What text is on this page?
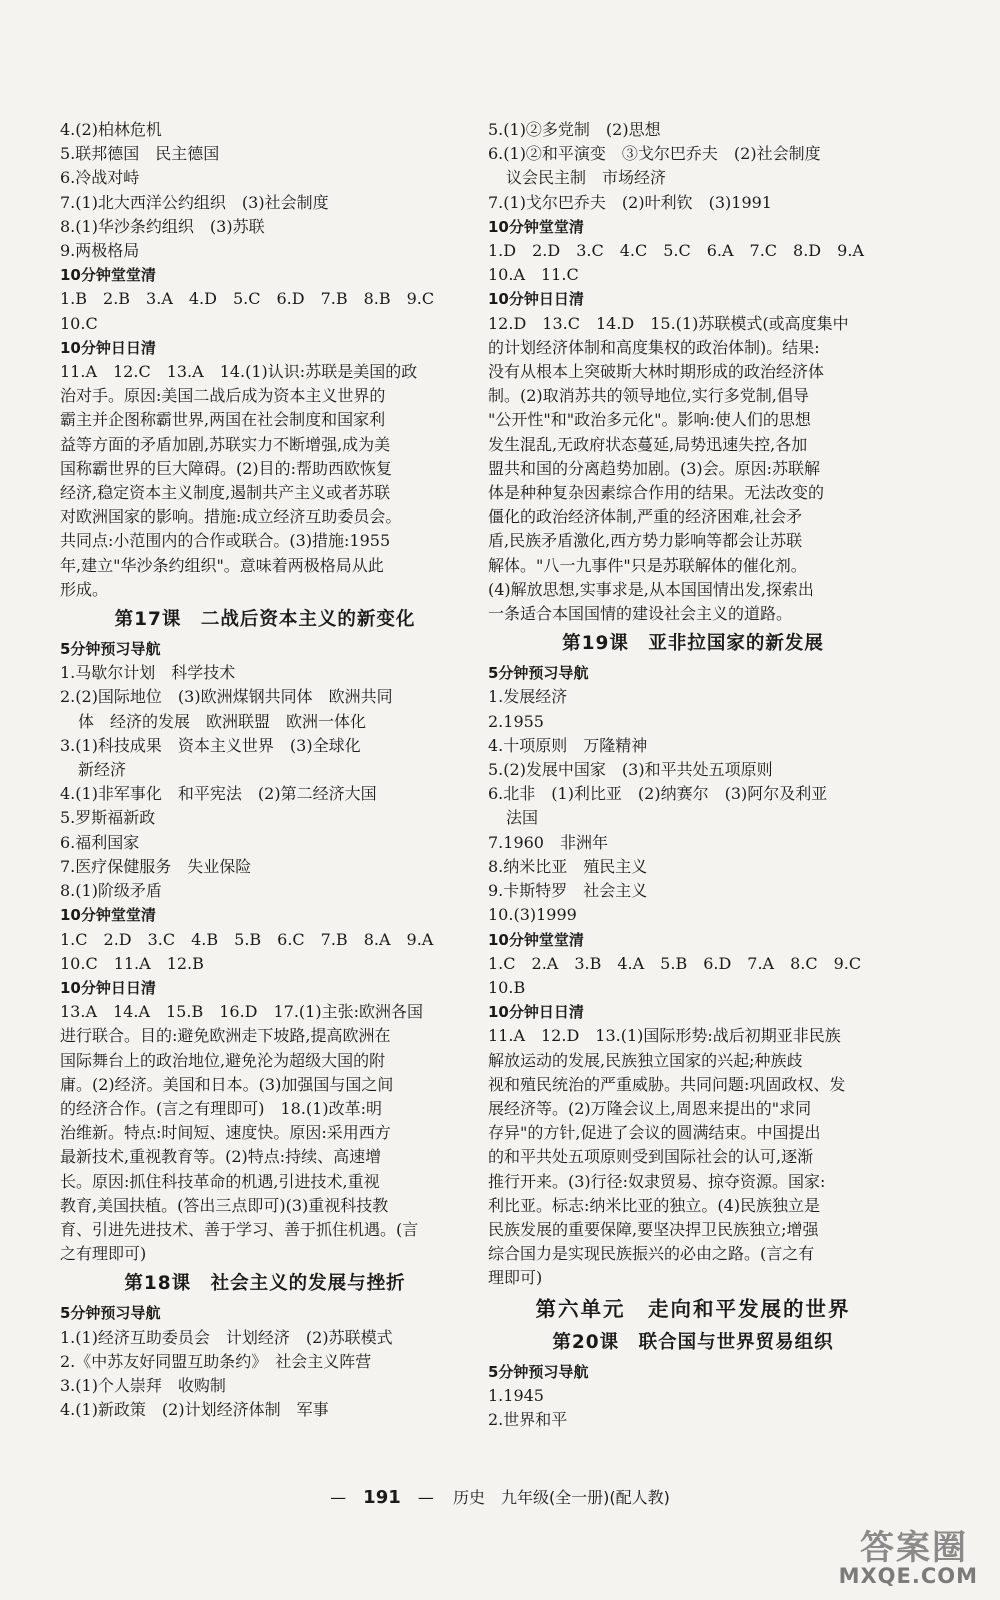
4.(2)柏林危机
5.联邦德国　民主德国
6.冷战对峙
7.(1)北大西洋公约组织　(3)社会制度
8.(1)华沙条约组织　(3)苏联
9.两极格局
10分钟堂堂清
1.B　2.B　3.A　4.D　5.C　6.D　7.B　8.B　9.C
10.C
10分钟日日清
11.A　12.C　13.A　14.(1)认识:苏联是美国的政
治对手。原因:美国二战后成为资本主义世界的
霸主并企图称霸世界,两国在社会制度和国家利
益等方面的矛盾加剧,苏联实力不断增强,成为美
国称霸世界的巨大障碍。(2)目的:帮助西欧恢复
经济,稳定资本主义制度,遏制共产主义或者苏联
对欧洲国家的影响。措施:成立经济互助委员会。
共同点:小范围内的合作或联合。(3)措施:1955
年,建立"华沙条约组织"。意味着两极格局从此
形成。
第17课　二战后资本主义的新变化
5分钟预习导航
1.马歇尔计划　科学技术
2.(2)国际地位　(3)欧洲煤钢共同体　欧洲共同
体　经济的发展　欧洲联盟　欧洲一体化
3.(1)科技成果　资本主义世界　(3)全球化
新经济
4.(1)非军事化　和平宪法　(2)第二经济大国
5.罗斯福新政
6.福利国家
7.医疗保健服务　失业保险
8.(1)阶级矛盾
10分钟堂堂清
1.C　2.D　3.C　4.B　5.B　6.C　7.B　8.A　9.A
10.C　11.A　12.B
10分钟日日清
13.A　14.A　15.B　16.D　17.(1)主张:欧洲各国
进行联合。目的:避免欧洲走下坡路,提高欧洲在
国际舞台上的政治地位,避免沦为超级大国的附
庸。(2)经济。美国和日本。(3)加强国与国之间
的经济合作。(言之有理即可)　18.(1)改革:明
治维新。特点:时间短、速度快。原因:采用西方
最新技术,重视教育等。(2)特点:持续、高速增
长。原因:抓住科技革命的机遇,引进技术,重视
教育,美国扶植。(答出三点即可)(3)重视科技教
育、引进先进技术、善于学习、善于抓住机遇。(言
之有理即可)
第18课　社会主义的发展与挫折
5分钟预习导航
1.(1)经济互助委员会　计划经济　(2)苏联模式
2.《中苏友好同盟互助条约》　社会主义阵营
3.(1)个人崇拜　收购制
4.(1)新政策　(2)计划经济体制　军事
5.(1)②多党制　(2)思想
6.(1)②和平演变　③戈尔巴乔夫　(2)社会制度
议会民主制　市场经济
7.(1)戈尔巴乔夫　(2)叶利钦　(3)1991
10分钟堂堂清
1.D　2.D　3.C　4.C　5.C　6.A　7.C　8.D　9.A
10.A　11.C
10分钟日日清
12.D　13.C　14.D　15.(1)苏联模式(或高度集中
的计划经济体制和高度集权的政治体制)。结果:
没有从根本上突破斯大林时期形成的政治经济体
制。(2)取消苏共的领导地位,实行多党制,倡导
"公开性"和"政治多元化"。影响:使人们的思想
发生混乱,无政府状态蔓延,局势迅速失控,各加
盟共和国的分离趋势加剧。(3)会。原因:苏联解
体是种种复杂因素综合作用的结果。无法改变的
僵化的政治经济体制,严重的经济困难,社会矛
盾,民族矛盾激化,西方势力影响等都会让苏联
解体。"八一九事件"只是苏联解体的催化剂。
(4)解放思想,实事求是,从本国国情出发,探索出
一条适合本国国情的建设社会主义的道路。
第19课　亚非拉国家的新发展
5分钟预习导航
1.发展经济
2.1955
4.十项原则　万隆精神
5.(2)发展中国家　(3)和平共处五项原则
6.北非　(1)利比亚　(2)纳赛尔　(3)阿尔及利亚
法国
7.1960　非洲年
8.纳米比亚　殖民主义
9.卡斯特罗　社会主义
10.(3)1999
10分钟堂堂清
1.C　2.A　3.B　4.A　5.B　6.D　7.A　8.C　9.C
10.B
10分钟日日清
11.A　12.D　13.(1)国际形势:战后初期亚非民族
解放运动的发展,民族独立国家的兴起;种族歧
视和殖民统治的严重威胁。共同问题:巩固政权、发
展经济等。(2)万隆会议上,周恩来提出的"求同
存异"的方针,促进了会议的圆满结束。中国提出
的和平共处五项原则受到国际社会的认可,逐渐
推行开来。(3)行径:奴隶贸易、掠夺资源。国家:
利比亚。标志:纳米比亚的独立。(4)民族独立是
民族发展的重要保障,要坚决捍卫民族独立;增强
综合国力是实现民族振兴的必由之路。(言之有
理即可)
第六单元　走向和平发展的世界
第20课　联合国与世界贸易组织
5分钟预习导航
1.1945
2.世界和平
— 191 — 历史　九年级(全一册)(配人教)
答案圈
MXQE.COM
